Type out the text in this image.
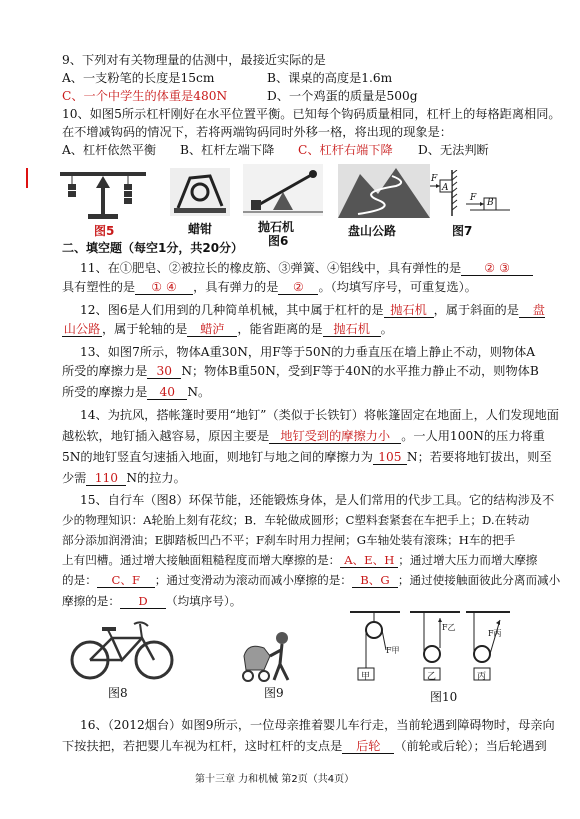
9、下列对有关物理量的估测中，最接近实际的是
A、一支粉笔的长度是15cm	B、课桌的高度是1.6m
C、一个中学生的体重是480N	D、一个鸡蛋的质量是500g
10、如图5所示杠杆刚好在水平位置平衡。已知每个钩码质量相同，杠杆上的每格距离相同。
在不增减钩码的情况下，若将两端钩码同时外移一格，将出现的现象是：
A、杠杆依然平衡 B、杠杆左端下降 C、杠杆右端下降 D、无法判断
图5	蜡钳	抛石机
图6
盘山公路
F
A
F B
图7
二、填空题（每空1分，共20分）
11、在①肥皂、②被拉长的橡皮筋、③弹簧、④铝线中，具有弹性的是 ② ③
具有塑性的是 ① ④ ，具有弹力的是 ② 。（均填写序号，可重复选）。
12、图6是人们用到的几种简单机械，其中属于杠杆的是 抛石机 ，属于斜面的是 盘
山公路 ，属于轮轴的是 蜡泸 ，能省距离的是 抛石机 。
13、如图7所示，物体A重30N，用F等于50N的力垂直压在墙上静止不动，则物体A
所受的摩擦力是 30 N；物体B重50N，受到F等于40N的水平推力静止不动，则物体B
所受的摩擦力是 40 N。
14、为抗风，搭帐篷时要用“地钉”（类似于长铁钉）将帐篷固定在地面上，人们发现地面
越松软，地钉插入越容易，原因主要是 地钉受到的摩擦力小 。一人用100N的压力将重
5N的地钉竖直匀速插入地面，则地钉与地之间的摩擦力为 105 N；若要将地钉拔出，则至
少需 110 N的拉力。
15、自行车（图8）环保节能，还能锻炼身体，是人们常用的代步工具。它的结构涉及不
少的物理知识：A轮胎上刻有花纹；B．车轮做成圆形；C塑料套紧套在车把手上；D.在转动
部分添加润滑油；E脚踏板凹凸不平；F刹车时用力捏闸；G车轴处装有滚珠；H车的把手
上有凹槽。通过增大接触面粗糙程度而增大摩擦的是： A、E、H ；通过增大压力而增大摩擦
的是： C、F ；通过变滑动为滚动而减小摩擦的是： B、G ；通过使接触面彼此分离而减小
摩擦的是： D （均填序号）。
图8	图9
F甲
F乙
F丙
甲	乙	丙
图10
16、（2012烟台）如图9所示，一位母亲推着婴儿车行走，当前轮遇到障碍物时，母亲向
下按扶把，若把婴儿车视为杠杆，这时杠杆的支点是 后轮 （前轮或后轮）；当后轮遇到
第十三章 力和机械 第2页（共4页）
